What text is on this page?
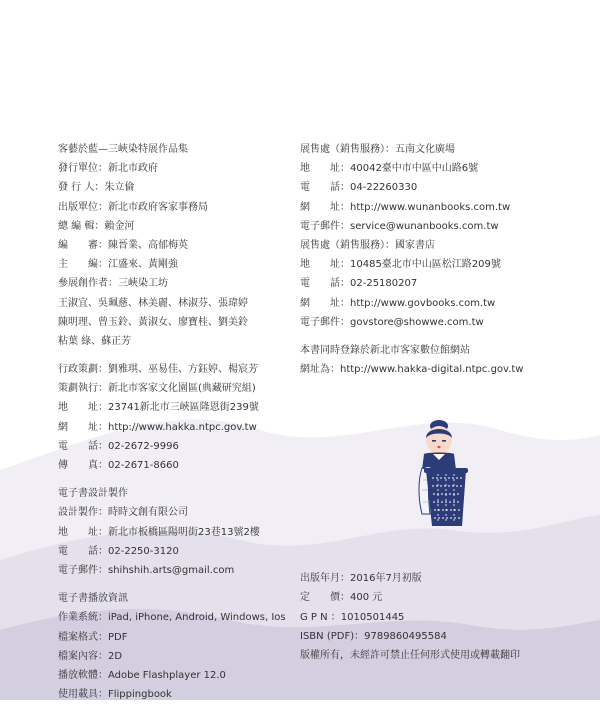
客藝於藍—三峽染特展作品集
發行單位：新北市政府
發 行 人：朱立倫
出版單位：新北市政府客家事務局
總 編 輯：賴金河
編　　審：陳晉業、高郁梅英
主　　編：江盛來、黃剛強
參展創作者：三峽染工坊
王淑宜、吳珮慈、林美麗、林淑芬、張瑋婷
陳明理、曾玉鈴、黃淑女、廖寶桂、劉美鈴
粘葉 綠、蘇正芳
行政策劃：劉雅琪、巫易佳、方鈺婷、楊宸芳
策劃執行：新北市客家文化園區(典藏研究組)
地　　址：23741新北市三峽區隆恩街239號
網　　址：http://www.hakka.ntpc.gov.tw
電　　話：02-2672-9996
傳　　真：02-2671-8660
電子書設計製作
設計製作：時時文創有限公司
地　　址：新北市板橋區陽明街23巷13號2樓
電　　話：02-2250-3120
電子郵件：shihshih.arts@gmail.com
電子書播放資訊
作業系統：iPad, iPhone, Android, Windows, Ios
檔案格式：PDF
檔案內容：2D
播放軟體：Adobe Flashplayer 12.0
使用載具：Flippingbook
展售處（銷售服務）：五南文化廣場
地　　址：40042臺中市中區中山路6號
電　　話：04-22260330
網　　址：http://www.wunanbooks.com.tw
電子郵件：service@wunanbooks.com.tw
展售處（銷售服務）：國家書店
地　　址：10485臺北市中山區松江路209號
電　　話：02-25180207
網　　址：http://www.govbooks.com.tw
電子郵件：govstore@showwe.com.tw
本書同時登錄於新北市客家數位館網站
網址為：http://www.hakka-digital.ntpc.gov.tw
出版年月：2016年7月初版
定　　價：400 元
G P N ：1010501445
ISBN (PDF)：9789860495584
版權所有，未經許可禁止任何形式使用或轉載翻印
